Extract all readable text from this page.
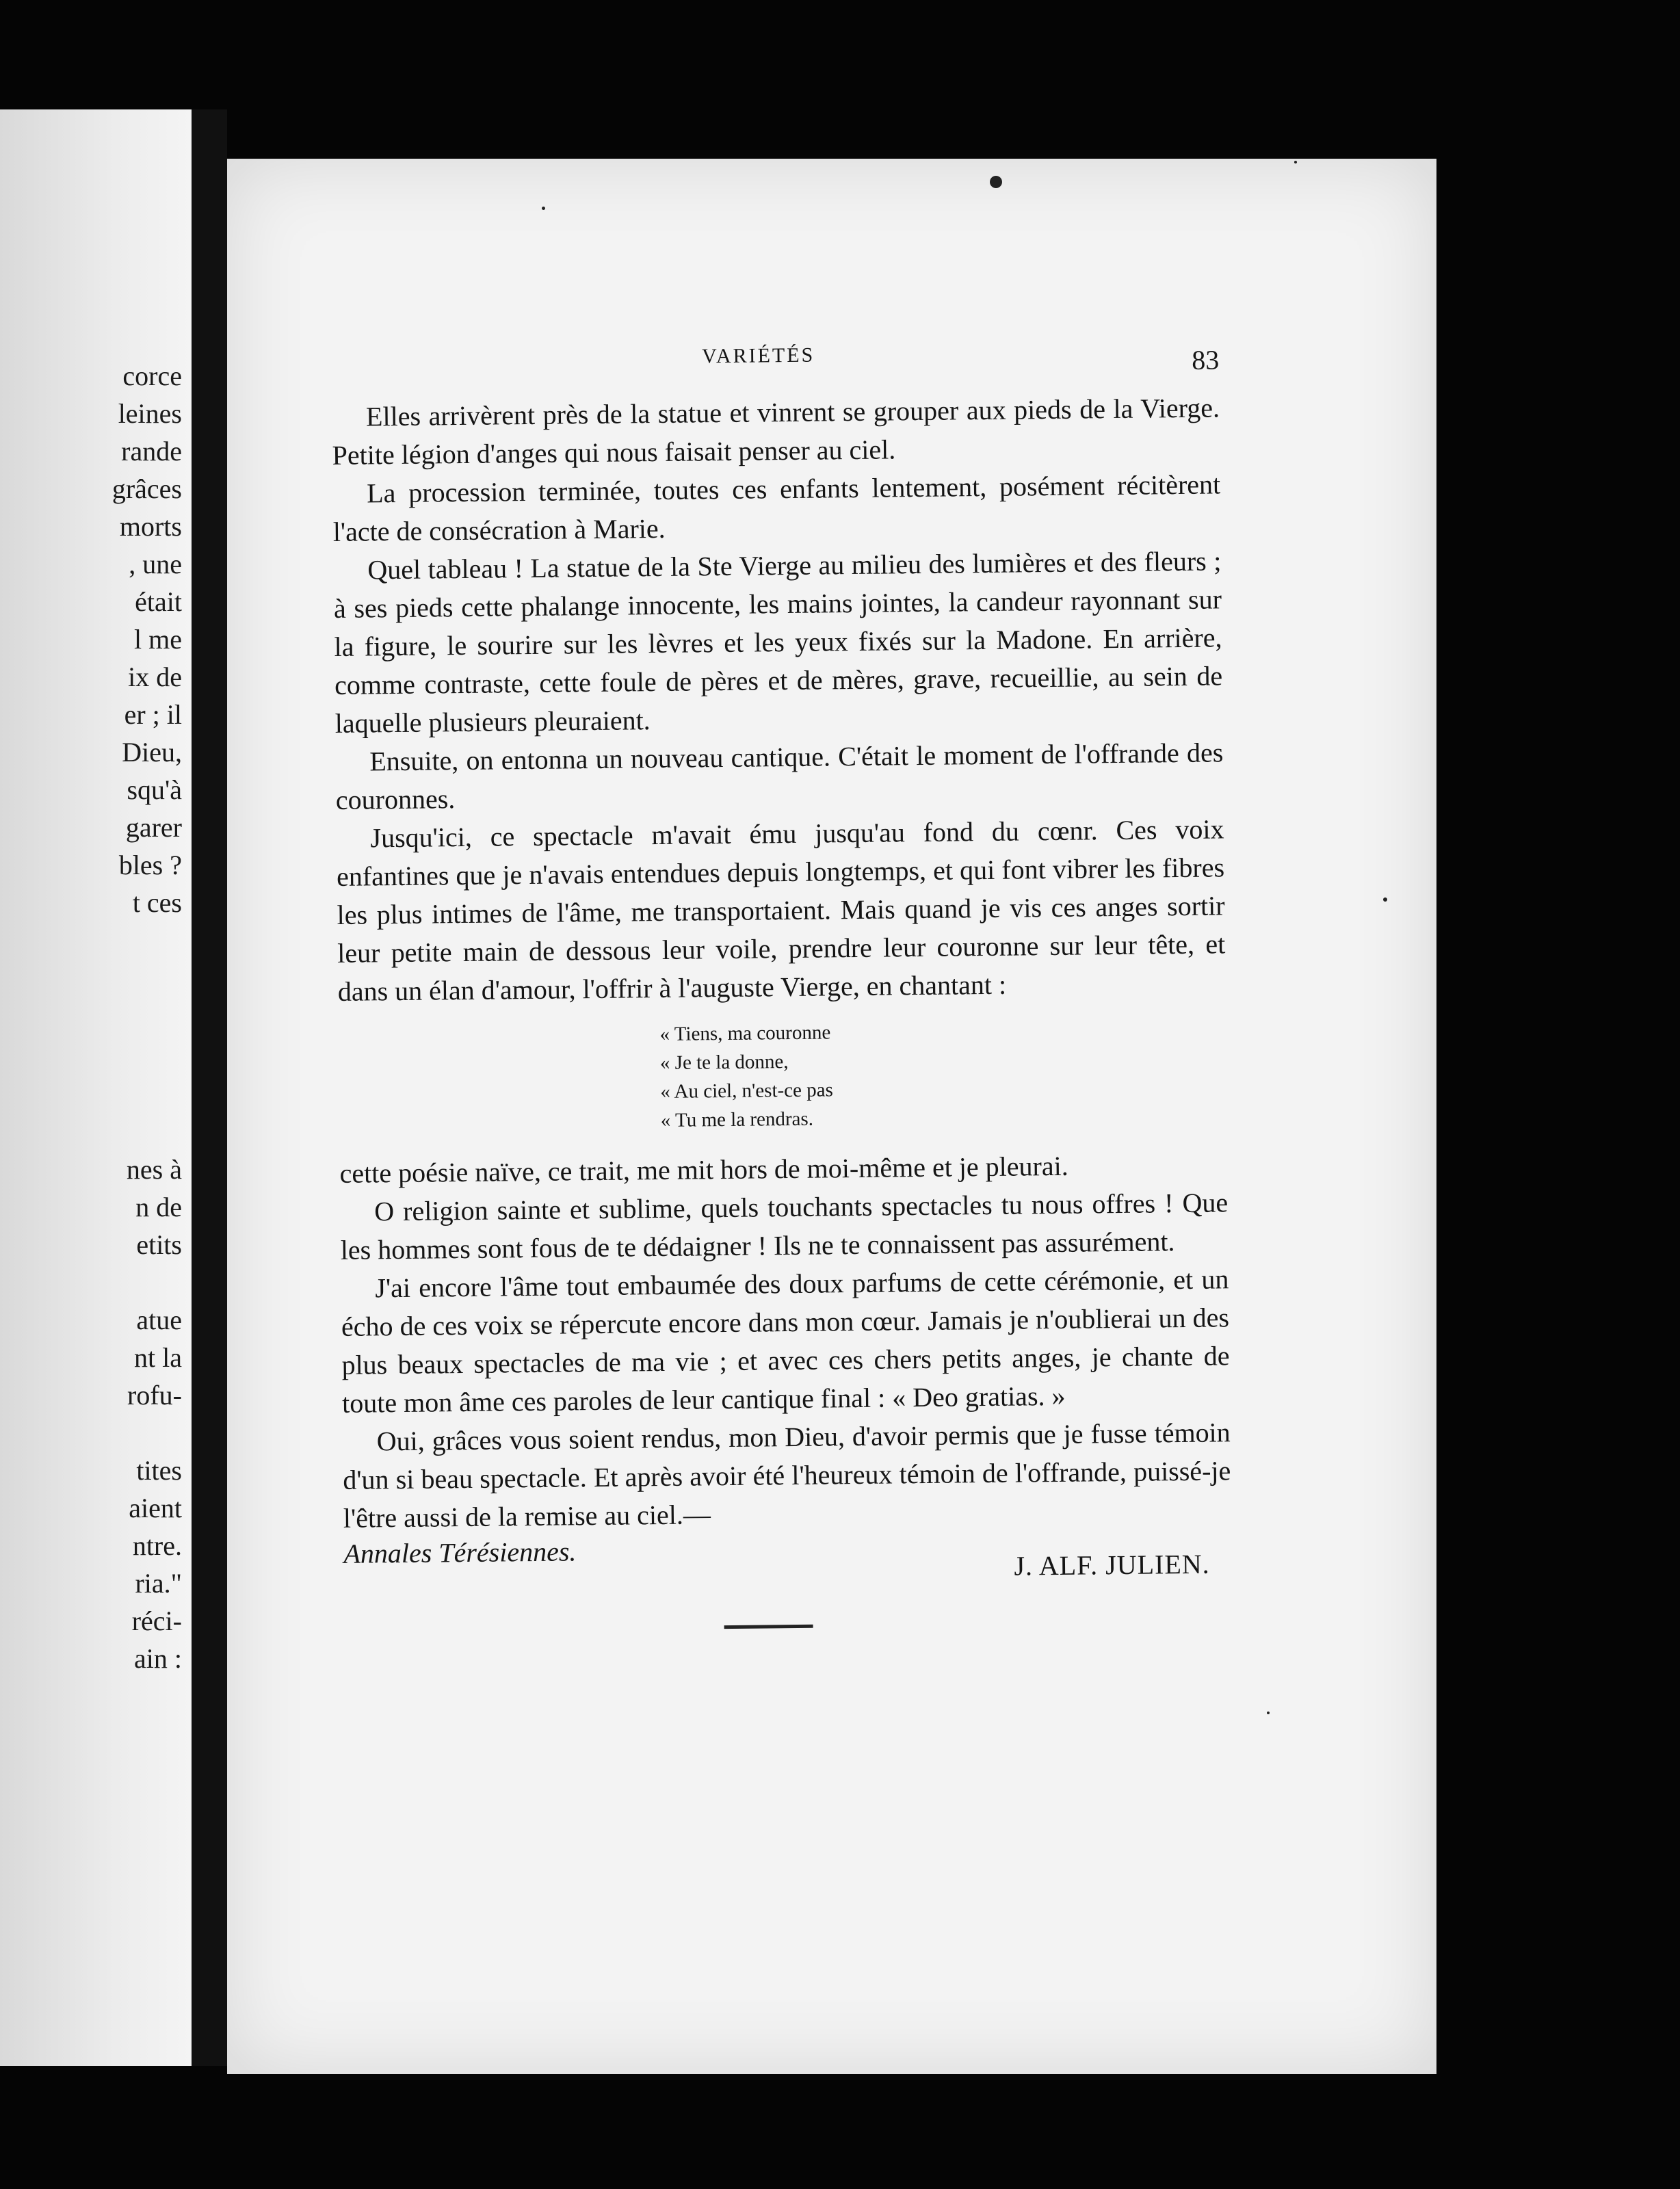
corce
leines
rande
grâces
morts
, une
était
l me
ix de
er ; il
Dieu,
squ'à
garer
bles ?
t ces
nes à
n de
etits
atue
nt la
rofu-
tites
aient
ntre.
ria."
réci-
ain :
VARIÉTÉS	83

Elles arrivèrent près de la statue et vinrent se grouper aux pieds de la Vierge. Petite légion d'anges qui nous faisait penser au ciel.

La procession terminée, toutes ces enfants lentement, posément récitèrent l'acte de consécration à Marie.

Quel tableau ! La statue de la Ste Vierge au milieu des lumières et des fleurs ; à ses pieds cette phalange innocente, les mains jointes, la candeur rayonnant sur la figure, le sourire sur les lèvres et les yeux fixés sur la Madone. En arrière, comme contraste, cette foule de pères et de mères, grave, recueillie, au sein de laquelle plusieurs pleuraient.

Ensuite, on entonna un nouveau cantique. C'était le moment de l'offrande des couronnes.

Jusqu'ici, ce spectacle m'avait ému jusqu'au fond du cœnr. Ces voix enfantines que je n'avais entendues depuis longtemps, et qui font vibrer les fibres les plus intimes de l'âme, me transportaient. Mais quand je vis ces anges sortir leur petite main de dessous leur voile, prendre leur couronne sur leur tête, et dans un élan d'amour, l'offrir à l'auguste Vierge, en chantant :

« Tiens, ma couronne
« Je te la donne,
« Au ciel, n'est-ce pas
« Tu me la rendras.

cette poésie naïve, ce trait, me mit hors de moi-même et je pleurai.

O religion sainte et sublime, quels touchants spectacles tu nous offres ! Que les hommes sont fous de te dédaigner ! Ils ne te connaissent pas assurément.

J'ai encore l'âme tout embaumée des doux parfums de cette cérémonie, et un écho de ces voix se répercute encore dans mon cœur. Jamais je n'oublierai un des plus beaux spectacles de ma vie ; et avec ces chers petits anges, je chante de toute mon âme ces paroles de leur cantique final : « Deo gratias. »

Oui, grâces vous soient rendus, mon Dieu, d'avoir permis que je fusse témoin d'un si beau spectacle. Et après avoir été l'heureux témoin de l'offrande, puissé-je l'être aussi de la remise au ciel.—

Annales Térésiennes.	J. ALF. JULIEN.
